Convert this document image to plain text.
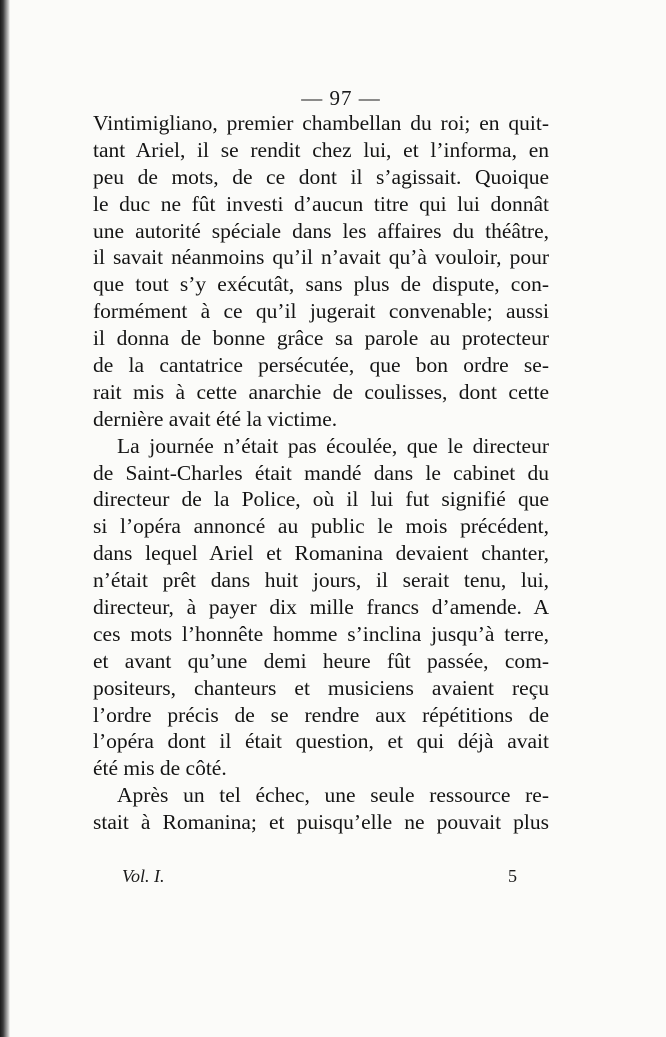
— 97 —
Vintimigliano, premier chambellan du roi; en quit-
tant Ariel, il se rendit chez lui, et l’informa, en
peu de mots, de ce dont il s’agissait. Quoique
le duc ne fût investi d’aucun titre qui lui donnât
une autorité spéciale dans les affaires du théâtre,
il savait néanmoins qu’il n’avait qu’à vouloir, pour
que tout s’y exécutât, sans plus de dispute, con-
formément à ce qu’il jugerait convenable; aussi
il donna de bonne grâce sa parole au protecteur
de la cantatrice persécutée, que bon ordre se-
rait mis à cette anarchie de coulisses, dont cette
dernière avait été la victime.
La journée n’était pas écoulée, que le directeur
de Saint-Charles était mandé dans le cabinet du
directeur de la Police, où il lui fut signifié que
si l’opéra annoncé au public le mois précédent,
dans lequel Ariel et Romanina devaient chanter,
n’était prêt dans huit jours, il serait tenu, lui,
directeur, à payer dix mille francs d’amende. A
ces mots l’honnête homme s’inclina jusqu’à terre,
et avant qu’une demi heure fût passée, com-
positeurs, chanteurs et musiciens avaient reçu
l’ordre précis de se rendre aux répétitions de
l’opéra dont il était question, et qui déjà avait
été mis de côté.
Après un tel échec, une seule ressource re-
stait à Romanina; et puisqu’elle ne pouvait plus
Vol. I.	5
